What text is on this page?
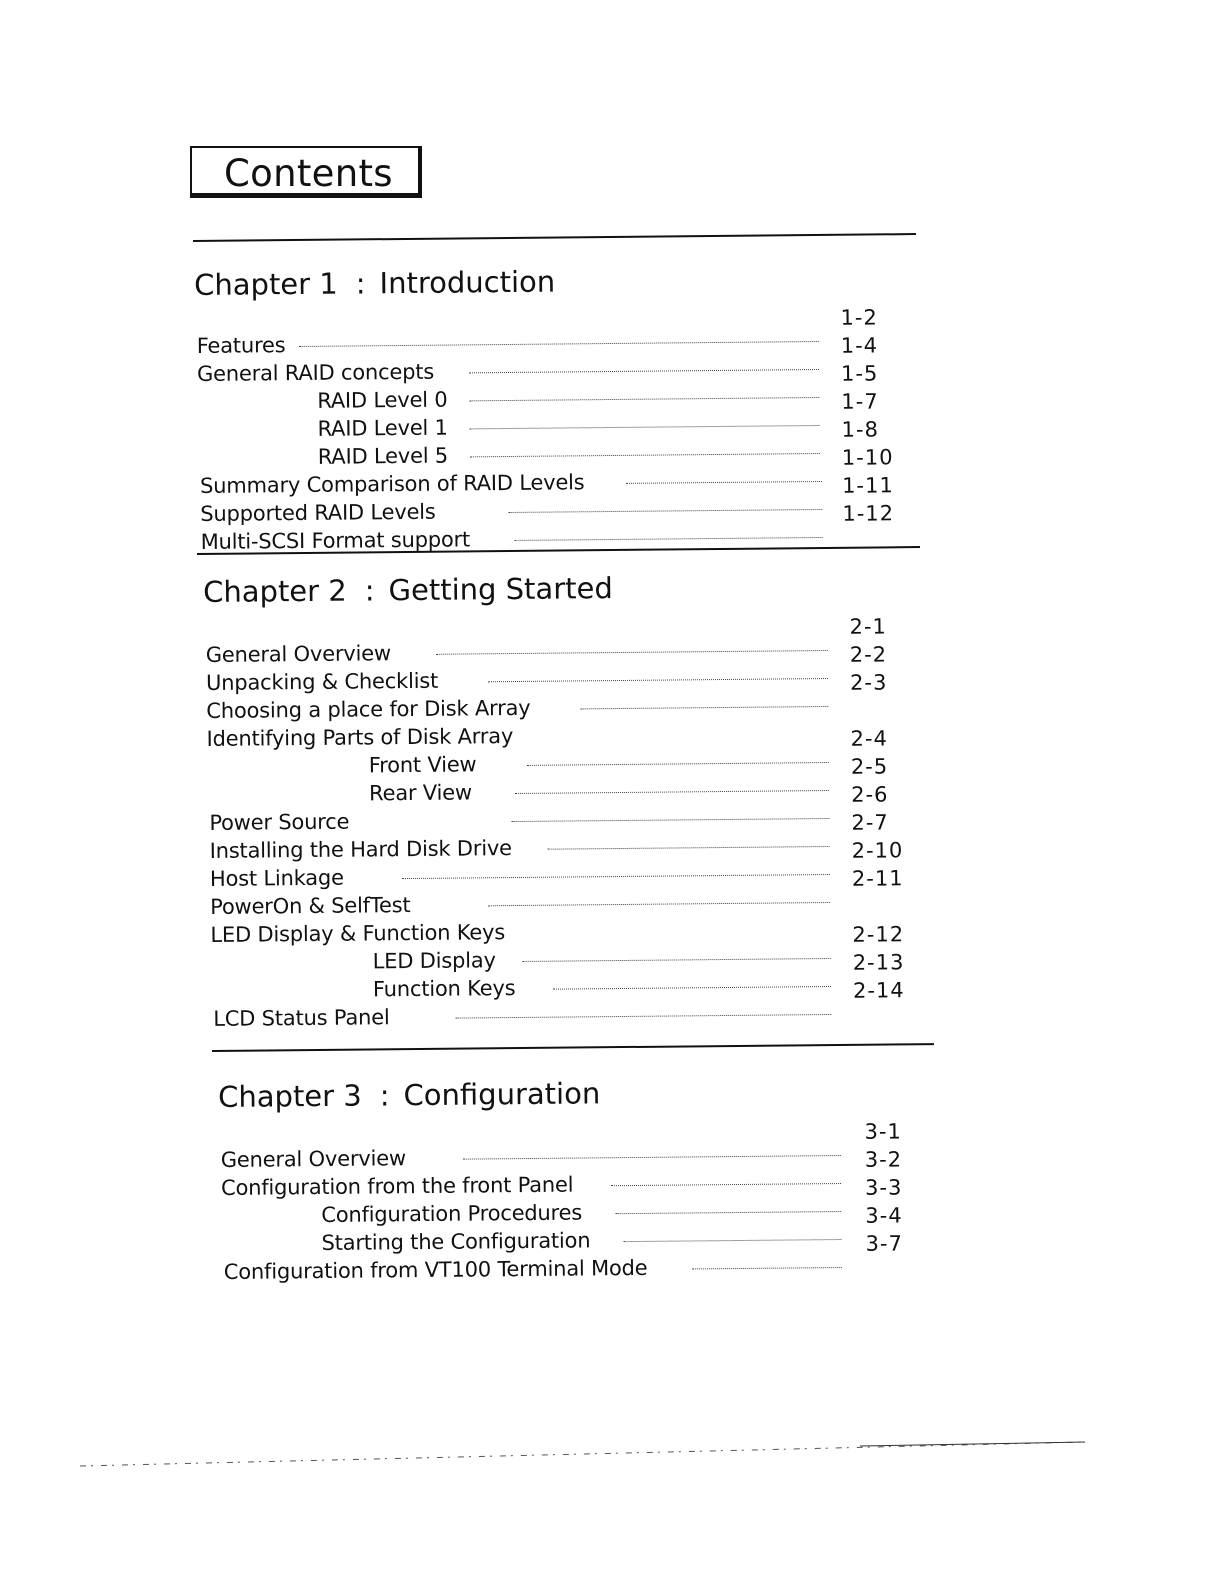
Contents
Chapter 1 : Introduction
Features
1-2
General RAID concepts
1-4
RAID Level 0
1-5
RAID Level 1
1-7
RAID Level 5
1-8
Summary Comparison of RAID Levels
1-10
Supported RAID Levels
1-11
Multi-SCSI Format support
1-12
Chapter 2 : Getting Started
General Overview
2-1
Unpacking & Checklist
2-2
Choosing a place for Disk Array
2-3
Identifying Parts of Disk Array
Front View
2-4
Rear View
2-5
Power Source
2-6
Installing the Hard Disk Drive
2-7
Host Linkage
2-10
PowerOn & SelfTest
2-11
LED Display & Function Keys
LED Display
2-12
Function Keys
2-13
LCD Status Panel
2-14
Chapter 3 : Configuration
General Overview
3-1
Configuration from the front Panel
3-2
Configuration Procedures
3-3
Starting the Configuration
3-4
Configuration from VT100 Terminal Mode
3-7
